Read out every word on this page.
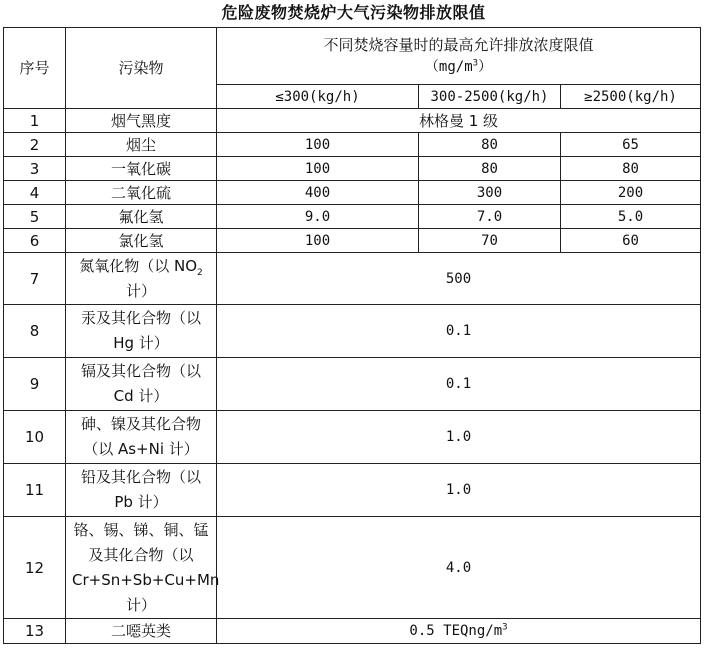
危险废物焚烧炉大气污染物排放限值
序号	污染物	不同焚烧容量时的最高允许排放浓度限值
$(mg/m^3)$		

		≤300(kg/h)	300-2500(kg/h)	≥2500(kg/h)
1	烟气黑度	林格曼 1 级		
2	烟尘	100	80	65
3	一氧化碳	100	80	80
4	二氧化硫	400	300	200
5	氟化氢	9.0	7.0	5.0
6	氯化氢	100	70	60
7	氮氧化物（以 $NO_2$计）	500		
8	汞及其化合物（以 Hg 计）	0.1		
9	镉及其化合物（以 Cd 计）	0.1		
10	砷、镍及其化合物（以 As+Ni 计）	1.0		
11	铅及其化合物（以 Pb 计）	1.0		
12	铬、锡、锑、铜、锰及其化合物（以 Cr+Sn+Sb+Cu+Mn 计）	4.0		
13	二噁英类	0.5 TEQng/$m^3$
